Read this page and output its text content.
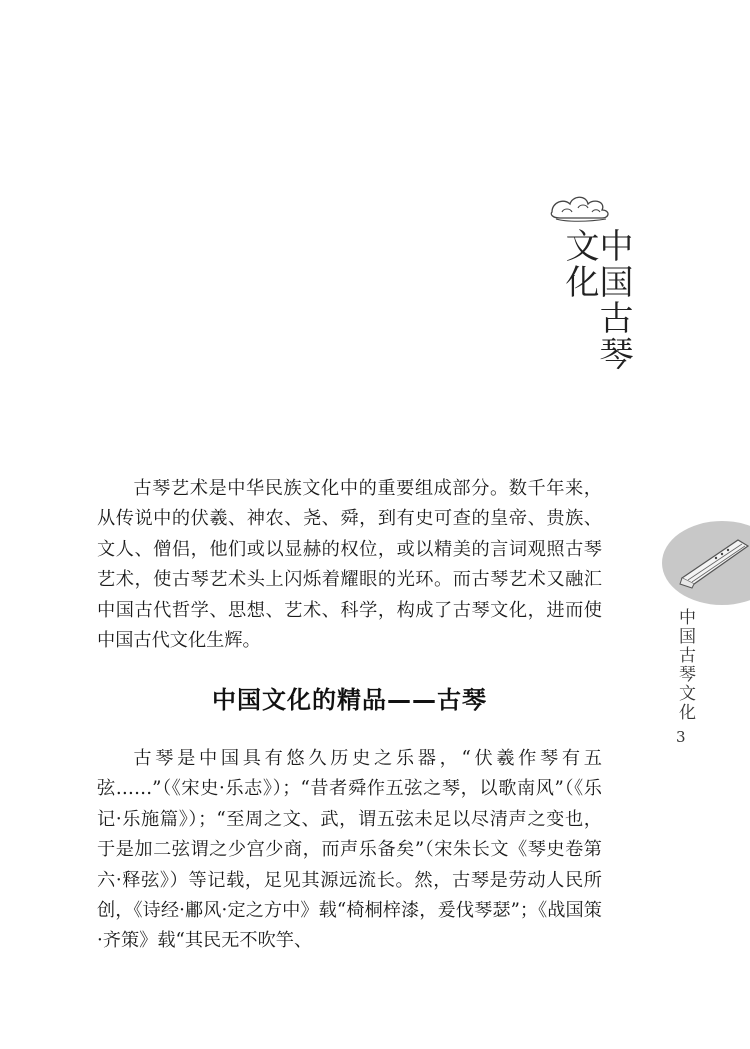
中国古琴文化
中国古琴文化
3

古琴艺术是中华民族文化中的重要组成部分。数千年来，从传说中的伏羲、神农、尧、舜，到有史可查的皇帝、贵族、文人、僧侣，他们或以显赫的权位，或以精美的言词观照古琴艺术，使古琴艺术头上闪烁着耀眼的光环。而古琴艺术又融汇中国古代哲学、思想、艺术、科学，构成了古琴文化，进而使中国古代文化生辉。

中国文化的精品——古琴

古琴是中国具有悠久历史之乐器，“伏羲作琴有五弦……”（《宋史·乐志》）；“昔者舜作五弦之琴，以歌南风”（《乐记·乐施篇》）；“至周之文、武，谓五弦未足以尽清声之变也，于是加二弦谓之少宫少商，而声乐备矣”（宋朱长文《琴史卷第六·释弦》）等记载，足见其源远流长。然，古琴是劳动人民所创，《诗经·鄘风·定之方中》载“椅桐梓漆，爰伐琴瑟”；《战国策·齐策》载“其民无不吹竽、
